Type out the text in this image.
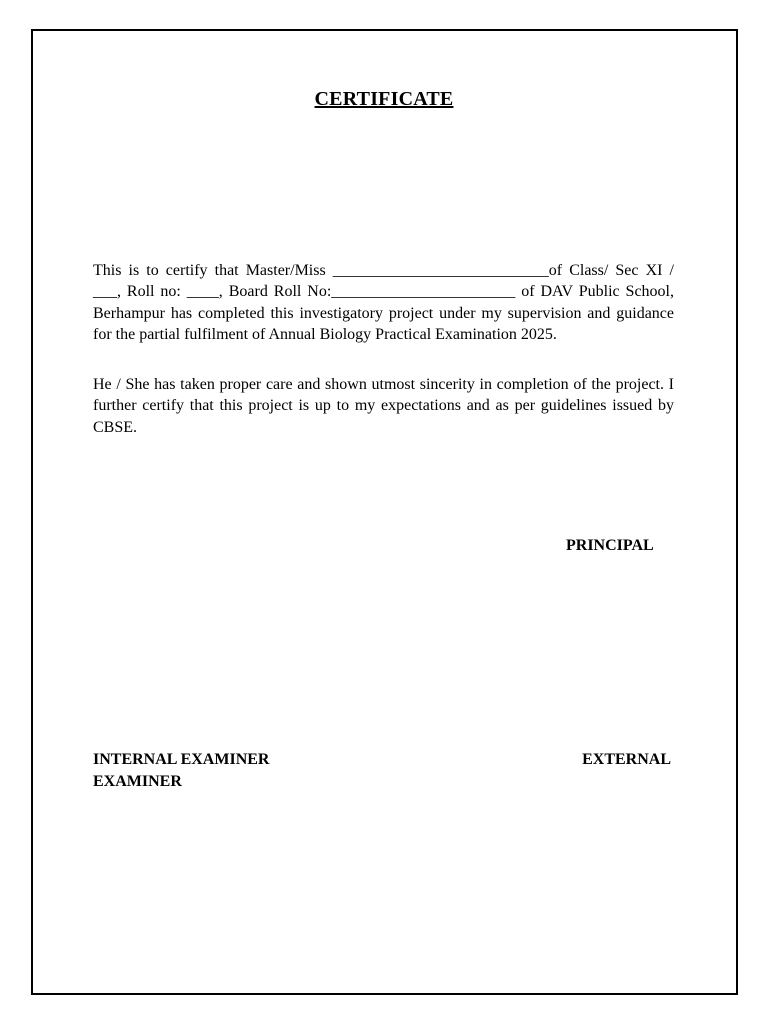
CERTIFICATE

This is to certify that Master/Miss ___________________________of Class/ Sec XI / ___, Roll no: ____, Board Roll No:_______________________ of DAV Public School, Berhampur has completed this investigatory project under my supervision and guidance for the partial fulfilment of Annual Biology Practical Examination 2025.

He / She has taken proper care and shown utmost sincerity in completion of the project. I further certify that this project is up to my expectations and as per guidelines issued by CBSE.

PRINCIPAL
INTERNAL EXAMINER	EXTERNAL
EXAMINER
